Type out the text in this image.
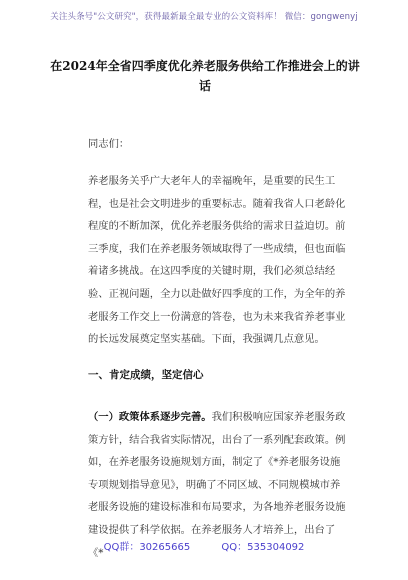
关注头条号"公文研究"，获得最新最全最专业的公文资料库！ 微信：gongwenyj
在2024年全省四季度优化养老服务供给工作推进会上的讲话
同志们：

养老服务关乎广大老年人的幸福晚年，是重要的民生工程，也是社会文明进步的重要标志。随着我省人口老龄化程度的不断加深，优化养老服务供给的需求日益迫切。前三季度，我们在养老服务领域取得了一些成绩，但也面临着诸多挑战。在这四季度的关键时期，我们必须总结经验、正视问题，全力以赴做好四季度的工作，为全年的养老服务工作交上一份满意的答卷，也为未来我省养老事业的长远发展奠定坚实基础。下面，我强调几点意见。

一、肯定成绩，坚定信心
（一）政策体系逐步完善。我们积极响应国家养老服务政策方针，结合我省实际情况，出台了一系列配套政策。例如，在养老服务设施规划方面，制定了《*养老服务设施专项规划指导意见》，明确了不同区域、不同规模城市养老服务设施的建设标准和布局要求，为各地养老服务设施建设提供了科学依据。在养老服务人才培养上，出台了《* QQ群：30265665	QQ：535304092
